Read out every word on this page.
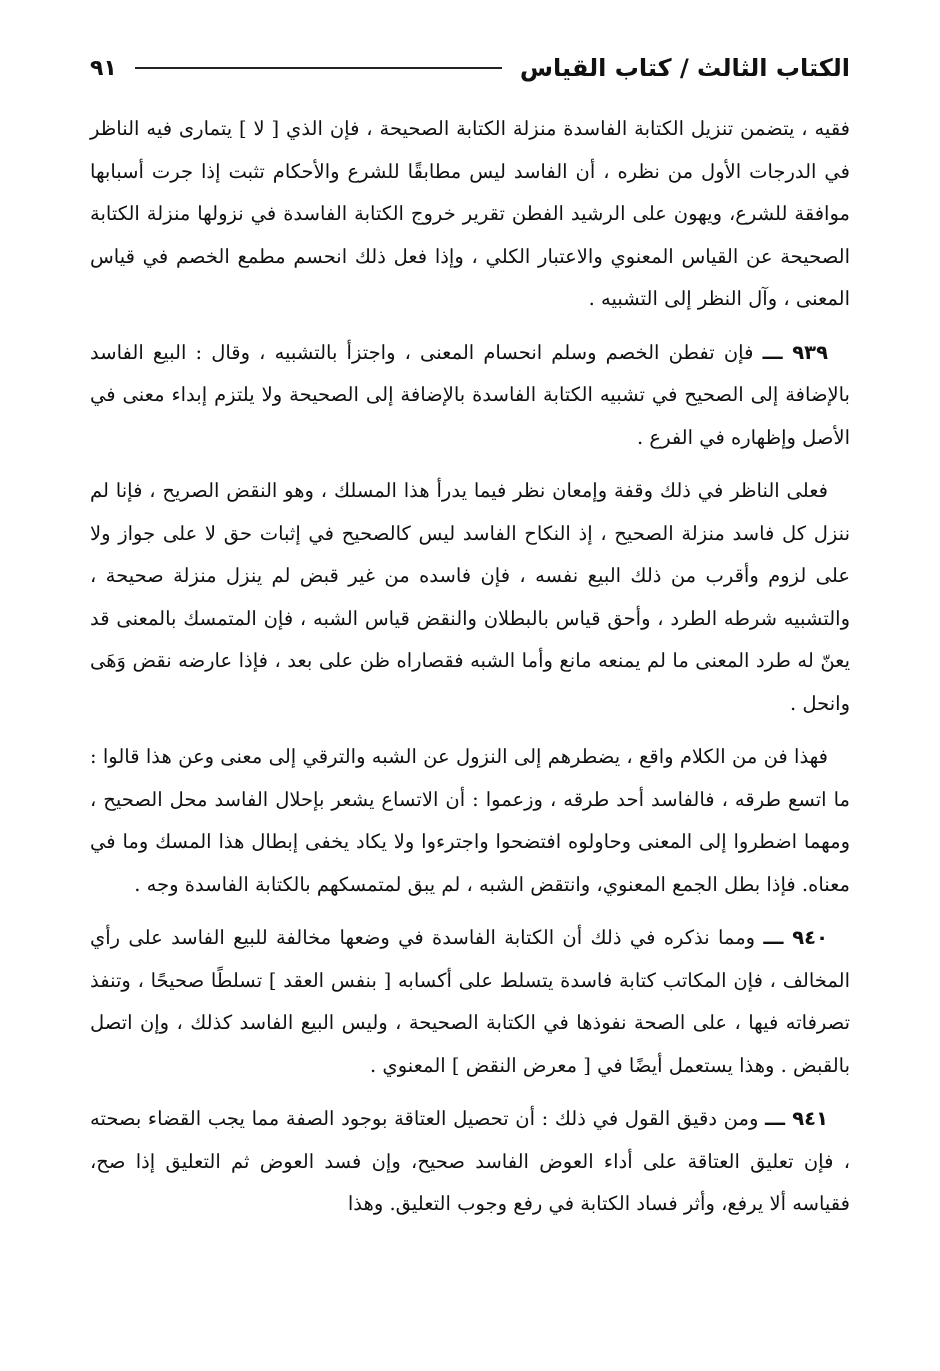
الكتاب الثالث / كتاب القياس
٩١

فقيه ، يتضمن تنزيل الكتابة الفاسدة منزلة الكتابة الصحيحة ، فإن الذي [ لا ] يتمارى فيه الناظر في الدرجات الأول من نظره ، أن الفاسد ليس مطابقًا للشرع والأحكام تثبت إذا جرت أسبابها موافقة للشرع، ويهون على الرشيد الفطن تقرير خروج الكتابة الفاسدة في نزولها منزلة الكتابة الصحيحة عن القياس المعنوي والاعتبار الكلي ، وإذا فعل ذلك انحسم مطمع الخصم في قياس المعنى ، وآل النظر إلى التشبيه .

٩٣٩ ـــ فإن تفطن الخصم وسلم انحسام المعنى ، واجتزأ بالتشبيه ، وقال : البيع الفاسد بالإضافة إلى الصحيح في تشبيه الكتابة الفاسدة بالإضافة إلى الصحيحة ولا يلتزم إبداء معنى في الأصل وإظهاره في الفرع .

فعلى الناظر في ذلك وقفة وإمعان نظر فيما يدرأ هذا المسلك ، وهو النقض الصريح ، فإنا لم ننزل كل فاسد منزلة الصحيح ، إذ النكاح الفاسد ليس كالصحيح في إثبات حق لا على جواز ولا على لزوم وأقرب من ذلك البيع نفسه ، فإن فاسده من غير قبض لم ينزل منزلة صحيحة ، والتشبيه شرطه الطرد ، وأحق قياس بالبطلان والنقض قياس الشبه ، فإن المتمسك بالمعنى قد يعنّ له طرد المعنى ما لم يمنعه مانع وأما الشبه فقصاراه ظن على بعد ، فإذا عارضه نقض وَهَى وانحل .

فهذا فن من الكلام واقع ، يضطرهم إلى النزول عن الشبه والترقي إلى معنى وعن هذا قالوا : ما اتسع طرقه ، فالفاسد أحد طرقه ، وزعموا : أن الاتساع يشعر بإحلال الفاسد محل الصحيح ، ومهما اضطروا إلى المعنى وحاولوه افتضحوا واجترءوا ولا يكاد يخفى إبطال هذا المسك وما في معناه. فإذا بطل الجمع المعنوي، وانتقض الشبه ، لم يبق لمتمسكهم بالكتابة الفاسدة وجه .

٩٤٠ ـــ ومما نذكره في ذلك أن الكتابة الفاسدة في وضعها مخالفة للبيع الفاسد على رأي المخالف ، فإن المكاتب كتابة فاسدة يتسلط على أكسابه [ بنفس العقد ] تسلطًا صحيحًا ، وتنفذ تصرفاته فيها ، على الصحة نفوذها في الكتابة الصحيحة ، وليس البيع الفاسد كذلك ، وإن اتصل بالقبض . وهذا يستعمل أيضًا في [ معرض النقض ] المعنوي .

٩٤١ ـــ ومن دقيق القول في ذلك : أن تحصيل العتاقة بوجود الصفة مما يجب القضاء بصحته ، فإن تعليق العتاقة على أداء العوض الفاسد صحيح، وإن فسد العوض ثم التعليق إذا صح، فقياسه ألا يرفع، وأثر فساد الكتابة في رفع وجوب التعليق. وهذا
